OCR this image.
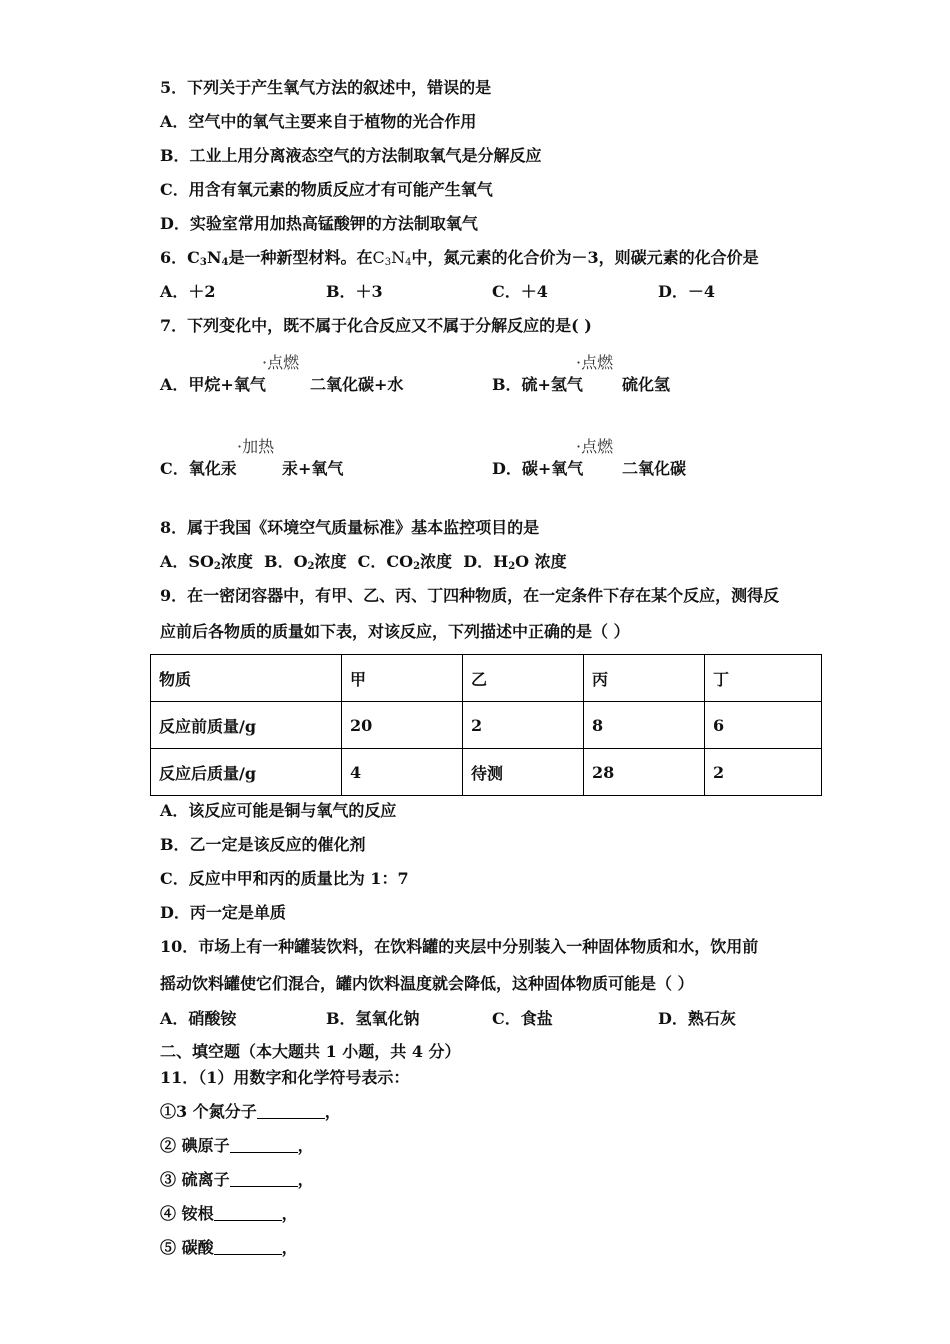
5．下列关于产生氧气方法的叙述中，错误的是
A．空气中的氧气主要来自于植物的光合作用
B．工业上用分离液态空气的方法制取氧气是分解反应
C．用含有氧元素的物质反应才有可能产生氧气
D．实验室常用加热高锰酸钾的方法制取氧气
6．$C_3N_4$是一种新型材料。在$C_3N_4$中，氮元素的化合价为－3，则碳元素的化合价是
A．＋2	B．＋3	C．＋4	D．－4
7．下列变化中，既不属于化合反应又不属于分解反应的是( )
·点燃
A．甲烷+氧气	二氧化碳+水
·点燃
B．硫+氢气 硫化氢
·加热
C．氧化汞	汞+氧气
·点燃
D．碳+氧气 二氧化碳
8．属于我国《环境空气质量标准》基本监控项目的是
A．$SO_2$浓度 B．$O_2$浓度 C．$CO_2$浓度 D．$H_2O$ 浓度
9．在一密闭容器中，有甲、乙、丙、丁四种物质，在一定条件下存在某个反应，测得反
应前后各物质的质量如下表，对该反应，下列描述中正确的是（ ）
物质	甲	乙	丙	丁
反应前质量/g	20	2	8	6
反应后质量/g	4	待测	28	2
A．该反应可能是铜与氧气的反应
B．乙一定是该反应的催化剂
C．反应中甲和丙的质量比为 1：7
D．丙一定是单质
10．市场上有一种罐装饮料，在饮料罐的夹层中分别装入一种固体物质和水，饮用前
摇动饮料罐使它们混合，罐内饮料温度就会降低，这种固体物质可能是（ ）
A．硝酸铵	B．氢氧化钠	C．食盐	D．熟石灰
二、填空题（本大题共 1 小题，共 4 分）
11．（1）用数字和化学符号表示：
①3 个氮分子	，
② 碘原子	，
③ 硫离子	，
④ 铵根	，
⑤ 碳酸	，
